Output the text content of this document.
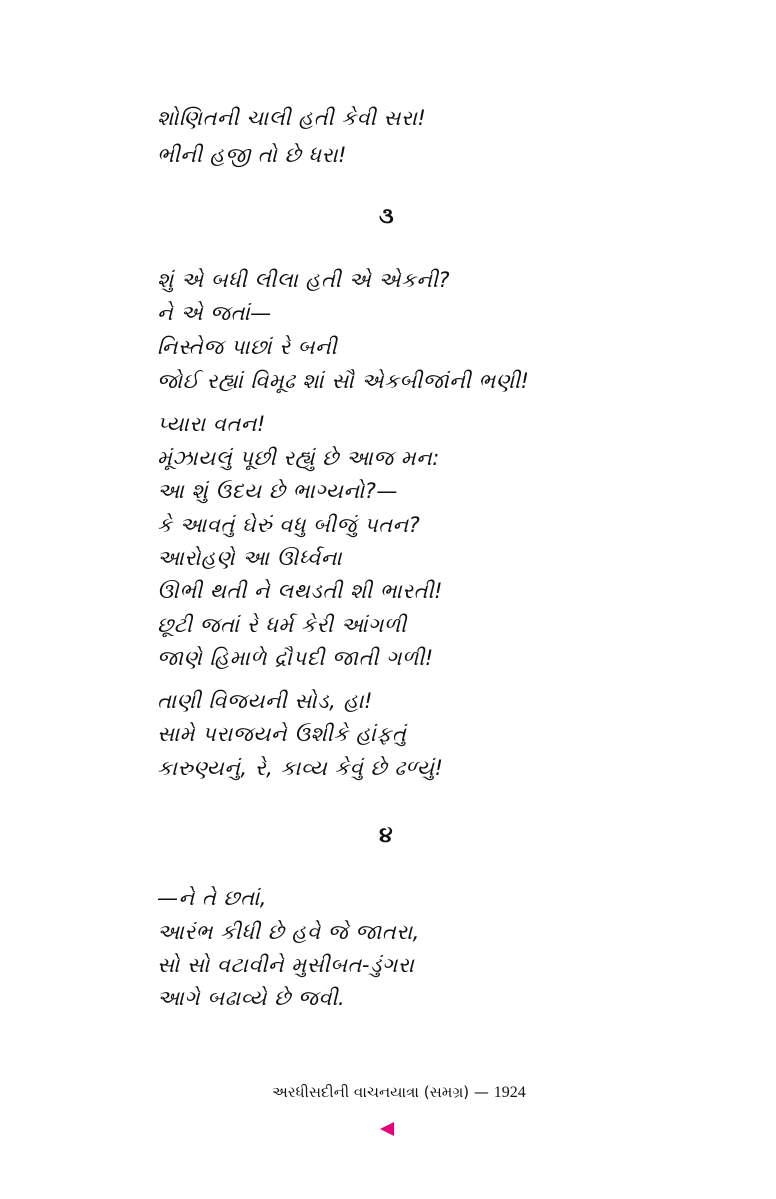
શોણિતની ચાલી હતી કેવી સરા!
ભીની હજી તો છે ધરા!
૩
શું એ બધી લીલા હતી એ એકની?
ને એ જતાં—
નિસ્તેજ પાછાં રે બની
જોઈ રહ્યાં વિમૂઢ શાં સૌ એકબીજાંની ભણી!
પ્યારા વતન!
મૂંઝાયલું પૂછી રહ્યું છે આજ મન:
આ શું ઉદય છે ભાગ્યનો?—
કે આવતું ઘેરું વધુ બીજું પતન?
આરોહણે આ ઊર્ધ્વના
ઊભી થતી ને લથડતી શી ભારતી!
છૂટી જતાં રે ધર્મ કેરી આંગળી
જાણે હિમાળે દ્રૌપદી જાતી ગળી!
તાણી વિજયની સોડ, હા!
સામે પરાજયને ઉશીકે હાંફતું
કારુણ્યનું, રે, કાવ્ય કેવું છે ઢળ્યું!
૪
—ને તે છતાં,
આરંભ કીધી છે હવે જે જાતરા,
સો સો વટાવીને મુસીબત-ડુંગરા
આગે બઢાવ્યે છે જવી.
અરધીસદીની વાચનયાત્રા (સમગ્ર) — 1924
